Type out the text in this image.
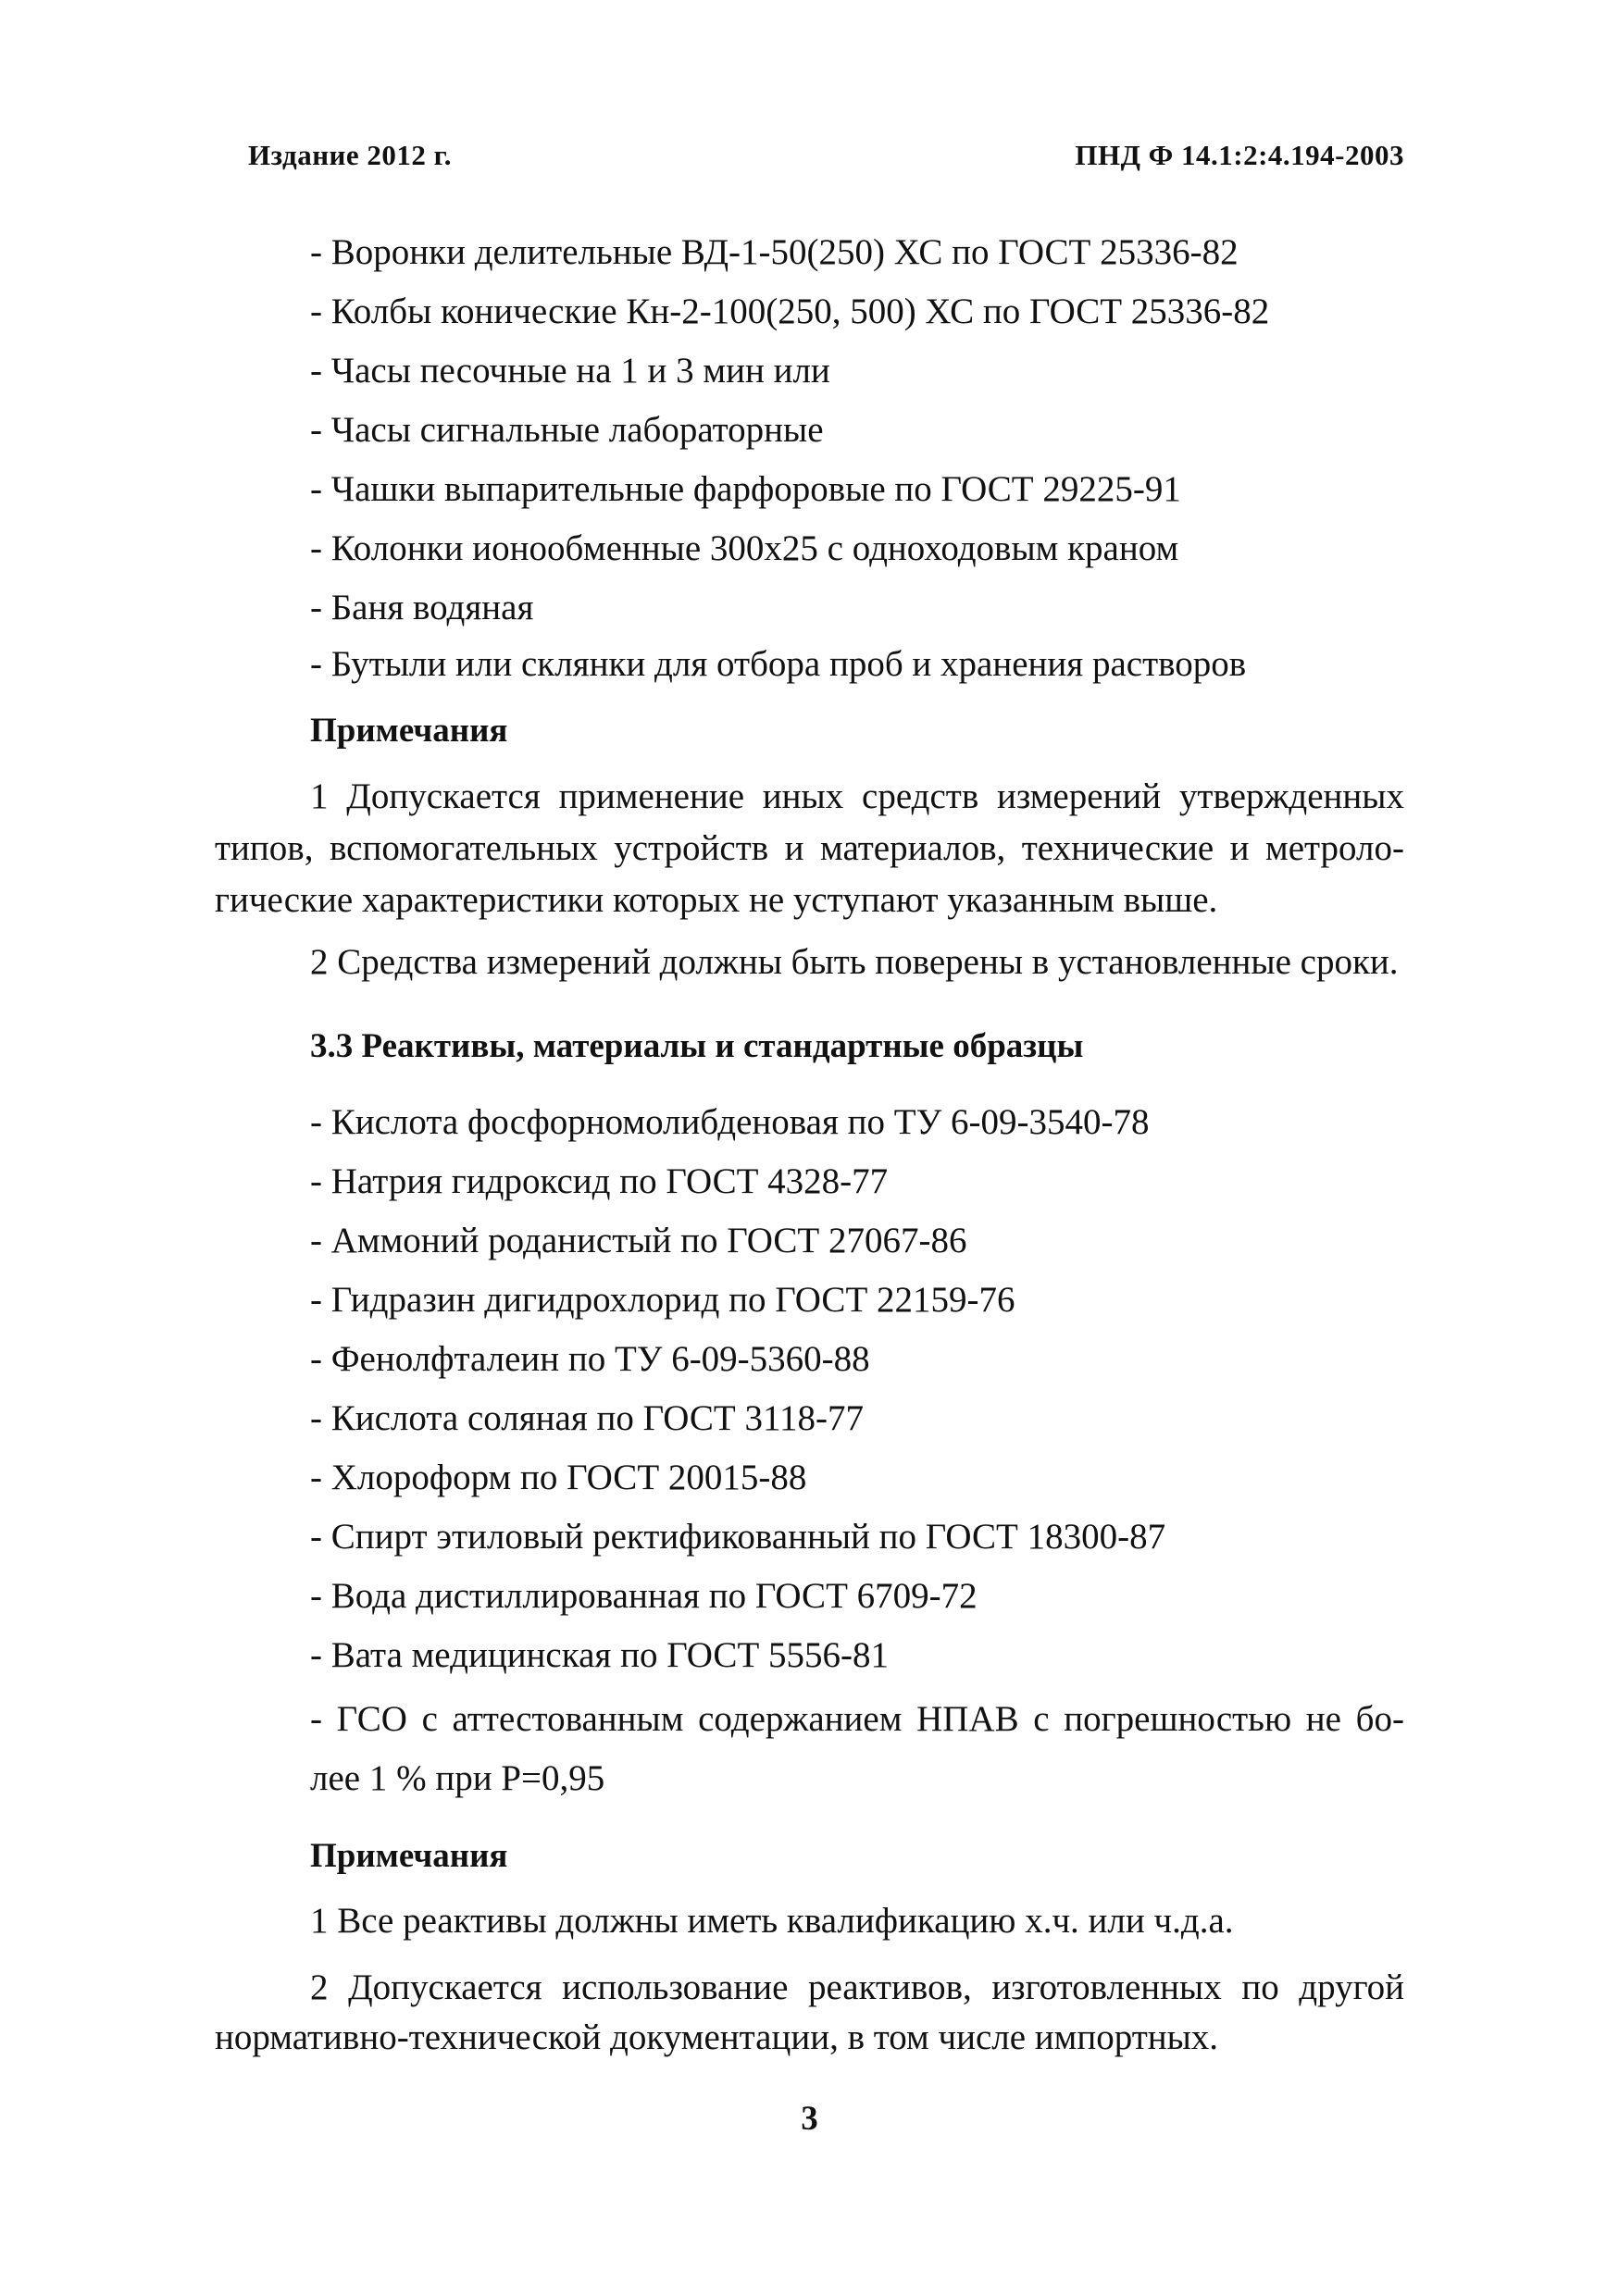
Издание 2012 г.	ПНД Ф 14.1:2:4.194-2003
- Воронки делительные ВД-1-50(250) ХС по ГОСТ 25336-82
- Колбы конические Кн-2-100(250, 500) ХС по ГОСТ 25336-82
- Часы песочные на 1 и 3 мин или
- Часы сигнальные лабораторные
- Чашки выпарительные фарфоровые по ГОСТ 29225-91
- Колонки ионообменные 300х25 с одноходовым краном
- Баня водяная
- Бутыли или склянки для отбора проб и хранения растворов
Примечания
1 Допускается применение иных средств измерений утвержденных
типов, вспомогательных устройств и материалов, технические и метроло-
гические характеристики которых не уступают указанным выше.
2 Средства измерений должны быть поверены в установленные сроки.
3.3 Реактивы, материалы и стандартные образцы
- Кислота фосфорномолибденовая по ТУ 6-09-3540-78
- Натрия гидроксид по ГОСТ 4328-77
- Аммоний роданистый по ГОСТ 27067-86
- Гидразин дигидрохлорид по ГОСТ 22159-76
- Фенолфталеин по ТУ 6-09-5360-88
- Кислота соляная по ГОСТ 3118-77
- Хлороформ по ГОСТ 20015-88
- Спирт этиловый ректификованный по ГОСТ 18300-87
- Вода дистиллированная по ГОСТ 6709-72
- Вата медицинская по ГОСТ 5556-81
- ГСО с аттестованным содержанием НПАВ с погрешностью не бо-
лее 1 % при Р=0,95
Примечания
1 Все реактивы должны иметь квалификацию х.ч. или ч.д.а.
2 Допускается использование реактивов, изготовленных по другой
нормативно-технической документации, в том числе импортных.
3
